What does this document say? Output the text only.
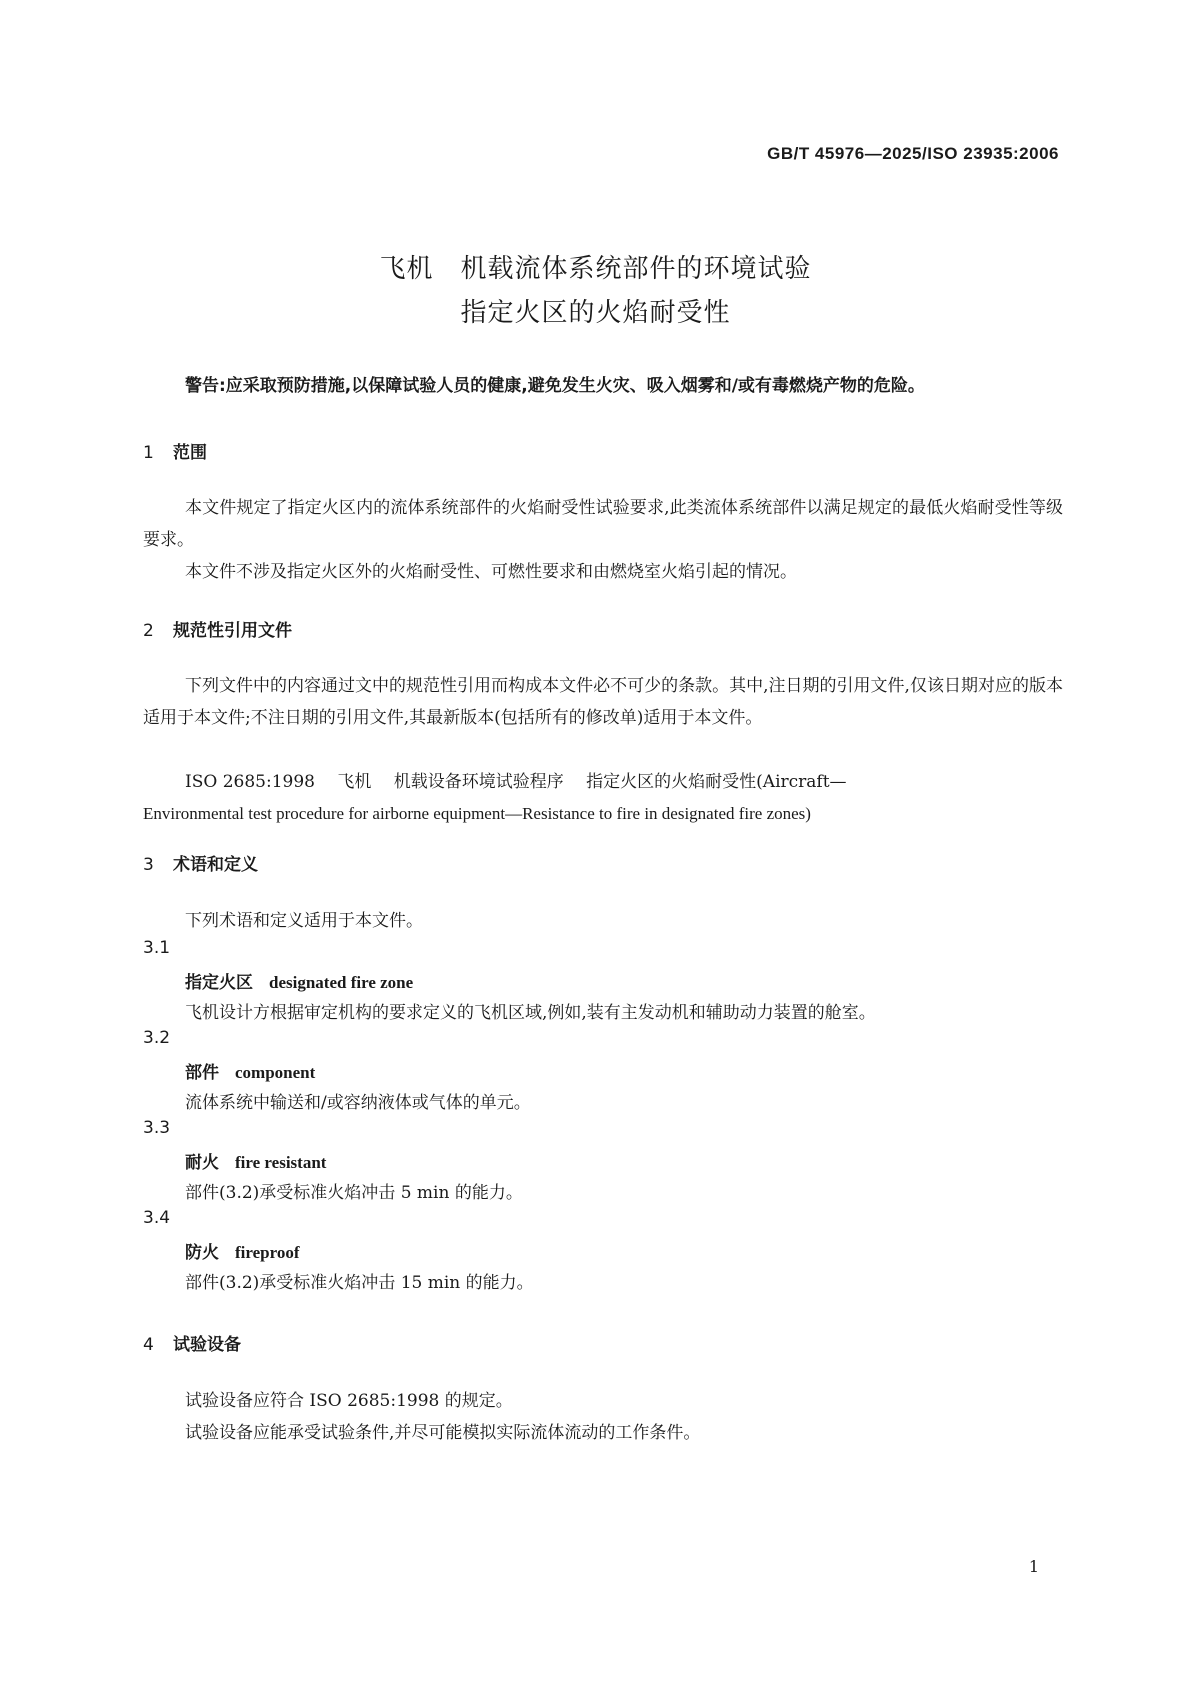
GB/T 45976—2025/ISO 23935:2006
飞机　机载流体系统部件的环境试验
指定火区的火焰耐受性
警告:应采取预防措施,以保障试验人员的健康,避免发生火灾、吸入烟雾和/或有毒燃烧产物的危险。
1 范围
本文件规定了指定火区内的流体系统部件的火焰耐受性试验要求,此类流体系统部件以满足规定的最低火焰耐受性等级要求。
本文件不涉及指定火区外的火焰耐受性、可燃性要求和由燃烧室火焰引起的情况。
2 规范性引用文件
下列文件中的内容通过文中的规范性引用而构成本文件必不可少的条款。其中,注日期的引用文件,仅该日期对应的版本适用于本文件;不注日期的引用文件,其最新版本(包括所有的修改单)适用于本文件。
ISO 2685:1998　 飞机　 机载设备环境试验程序　 指定火区的火焰耐受性(Aircraft—
Environmental test procedure for airborne equipment—Resistance to fire in designated fire zones)
3 术语和定义
下列术语和定义适用于本文件。
3.1
指定火区 designated fire zone
飞机设计方根据审定机构的要求定义的飞机区域,例如,装有主发动机和辅助动力装置的舱室。
3.2
部件 component
流体系统中输送和/或容纳液体或气体的单元。
3.3
耐火 fire resistant
部件(3.2)承受标准火焰冲击 5 min 的能力。
3.4
防火 fireproof
部件(3.2)承受标准火焰冲击 15 min 的能力。
4 试验设备
试验设备应符合 ISO 2685:1998 的规定。
试验设备应能承受试验条件,并尽可能模拟实际流体流动的工作条件。
1
